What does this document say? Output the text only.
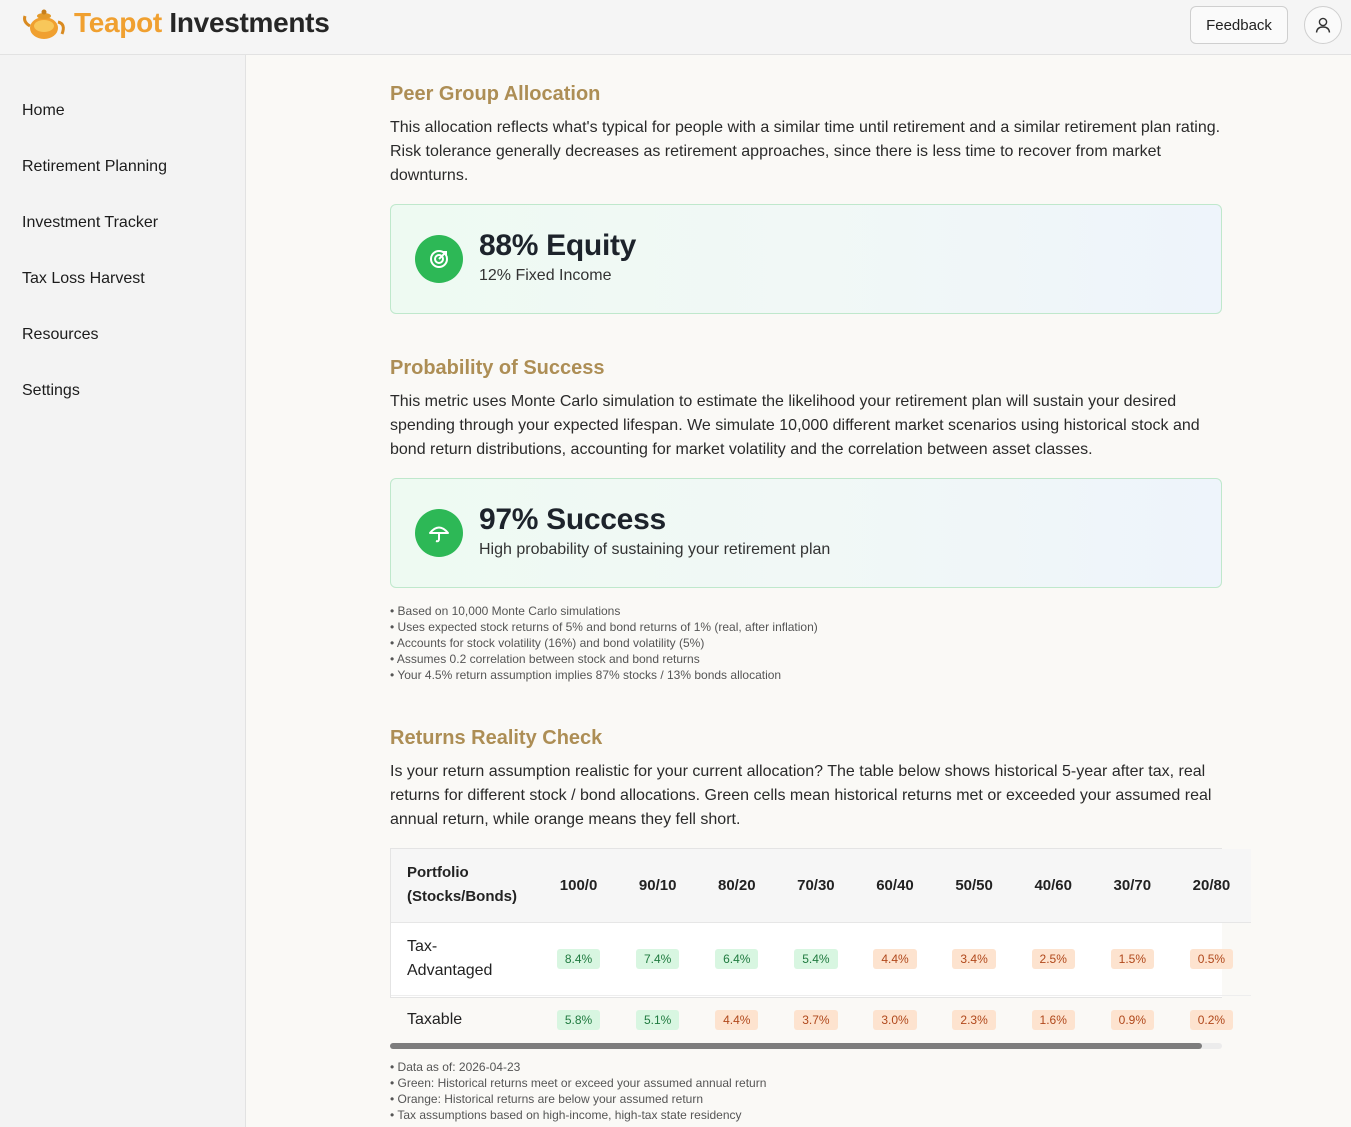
Teapot Investments	Feedback
Home
Retirement Planning
Investment Tracker
Tax Loss Harvest
Resources
Settings
Peer Group Allocation
This allocation reflects what's typical for people with a similar time until retirement and a similar retirement plan rating. Risk tolerance generally decreases as retirement approaches, since there is less time to recover from market downturns.
88% Equity
12% Fixed Income
Probability of Success
This metric uses Monte Carlo simulation to estimate the likelihood your retirement plan will sustain your desired spending through your expected lifespan. We simulate 10,000 different market scenarios using historical stock and bond return distributions, accounting for market volatility and the correlation between asset classes.
97% Success
High probability of sustaining your retirement plan
• Based on 10,000 Monte Carlo simulations
• Uses expected stock returns of 5% and bond returns of 1% (real, after inflation)
• Accounts for stock volatility (16%) and bond volatility (5%)
• Assumes 0.2 correlation between stock and bond returns
• Your 4.5% return assumption implies 87% stocks / 13% bonds allocation
Returns Reality Check
Is your return assumption realistic for your current allocation? The table below shows historical 5-year after tax, real returns for different stock / bond allocations. Green cells mean historical returns met or exceeded your assumed real annual return, while orange means they fell short.
Portfolio (Stocks/Bonds)	100/0	90/10	80/20	70/30	60/40	50/50	40/60	30/70	20/80
Tax-
Advantaged	8.4%	7.4%	6.4%	5.4%	4.4%	3.4%	2.5%	1.5%	0.5%
Taxable	5.8%	5.1%	4.4%	3.7%	3.0%	2.3%	1.6%	0.9%	0.2%
• Data as of: 2026-04-23
• Green: Historical returns meet or exceed your assumed annual return
• Orange: Historical returns are below your assumed return
• Tax assumptions based on high-income, high-tax state residency
